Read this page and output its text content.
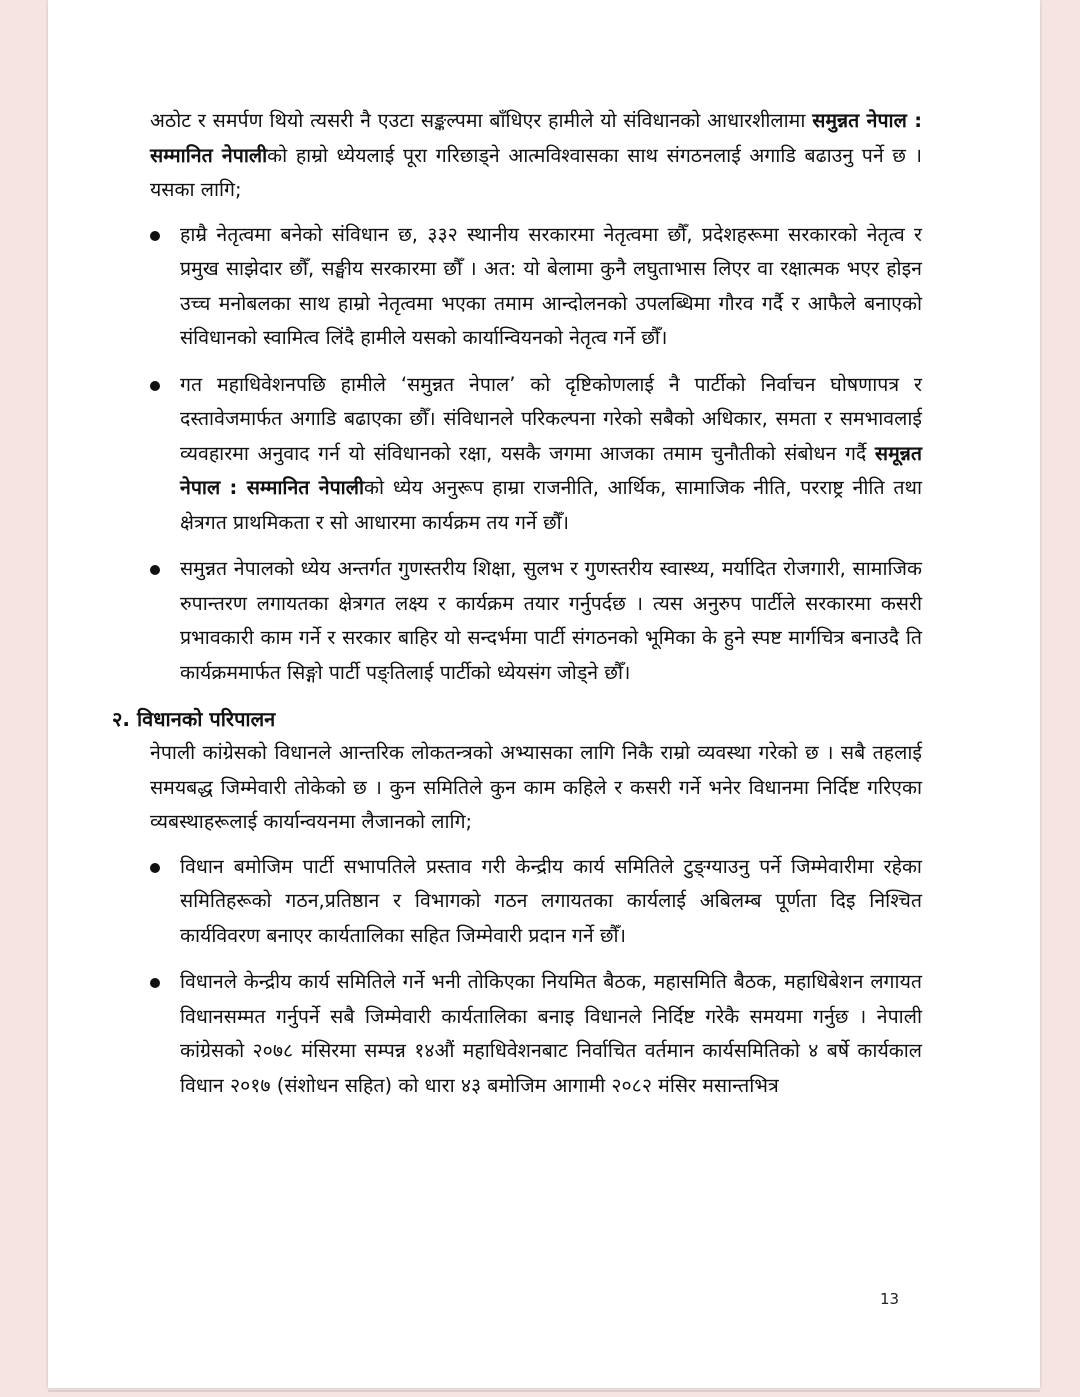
अठोट र समर्पण थियो त्यसरी नै एउटा सङ्कल्पमा बाँधिएर हामीले यो संविधानको आधारशीलामा समुन्नत नेपाल : सम्मानित नेपालीको हाम्रो ध्येयलाई पूरा गरिछाड्ने आत्मविश्वासका साथ संगठनलाई अगाडि बढाउनु पर्ने छ । यसका लागि;

हाम्रै नेतृत्वमा बनेको संविधान छ, ३३२ स्थानीय सरकारमा नेतृत्वमा छौँ, प्रदेशहरूमा सरकारको नेतृत्व र प्रमुख साझेदार छौँ, सङ्घीय सरकारमा छौँ । अत: यो बेलामा कुनै लघुताभास लिएर वा रक्षात्मक भएर होइन उच्च मनोबलका साथ हाम्रो नेतृत्वमा भएका तमाम आन्दोलनको उपलब्धिमा गौरव गर्दै र आफैले बनाएको संविधानको स्वामित्व लिंदै हामीले यसको कार्यान्वियनको नेतृत्व गर्ने छौँ।
गत महाधिवेशनपछि हामीले ‘समुन्नत नेपाल’ को दृष्टिकोणलाई नै पार्टीको निर्वाचन घोषणापत्र र दस्तावेजमार्फत अगाडि बढाएका छौँ। संविधानले परिकल्पना गरेको सबैको अधिकार, समता र समभावलाई व्यवहारमा अनुवाद गर्न यो संविधानको रक्षा, यसकै जगमा आजका तमाम चुनौतीको संबोधन गर्दै समून्नत नेपाल : सम्मानित नेपालीको ध्येय अनुरूप हाम्रा राजनीति, आर्थिक, सामाजिक नीति, परराष्ट्र नीति तथा क्षेत्रगत प्राथमिकता र सो आधारमा कार्यक्रम तय गर्ने छौँ।
समुन्नत नेपालको ध्येय अन्तर्गत गुणस्तरीय शिक्षा, सुलभ र गुणस्तरीय स्वास्थ्य, मर्यादित रोजगारी, सामाजिक रुपान्तरण लगायतका क्षेत्रगत लक्ष्य र कार्यक्रम तयार गर्नुपर्दछ । त्यस अनुरुप पार्टीले सरकारमा कसरी प्रभावकारी काम गर्ने र सरकार बाहिर यो सन्दर्भमा पार्टी संगठनको भूमिका के हुने स्पष्ट मार्गचित्र बनाउदै ति कार्यक्रममार्फत सिङ्गो पार्टी पङ्तिलाई पार्टीको ध्येयसंग जोड्ने छौँ।
२. विधानको परिपालन

नेपाली कांग्रेसको विधानले आन्तरिक लोकतन्त्रको अभ्यासका लागि निकै राम्रो व्यवस्था गरेको छ । सबै तहलाई समयबद्ध जिम्मेवारी तोकेको छ । कुन समितिले कुन काम कहिले र कसरी गर्ने भनेर विधानमा निर्दिष्ट गरिएका व्यबस्थाहरूलाई कार्यान्वयनमा लैजानको लागि;

विधान बमोजिम पार्टी सभापतिले प्रस्ताव गरी केन्द्रीय कार्य समितिले टुङ्ग्याउनु पर्ने जिम्मेवारीमा रहेका समितिहरूको गठन,प्रतिष्ठान र विभागको गठन लगायतका कार्यलाई अबिलम्ब पूर्णता दिइ निश्चित कार्यविवरण बनाएर कार्यतालिका सहित जिम्मेवारी प्रदान गर्ने छौँ।
विधानले केन्द्रीय कार्य समितिले गर्ने भनी तोकिएका नियमित बैठक, महासमिति बैठक, महाधिबेशन लगायत विधानसम्मत गर्नुपर्ने सबै जिम्मेवारी कार्यतालिका बनाइ विधानले निर्दिष्ट गरेकै समयमा गर्नुछ । नेपाली कांग्रेसको २०७८ मंसिरमा सम्पन्न १४औं महाधिवेशनबाट निर्वाचित वर्तमान कार्यसमितिको ४ बर्षे कार्यकाल विधान २०१७ (संशोधन सहित) को धारा ४३ बमोजिम आगामी २०८२ मंसिर मसान्तभित्र
13
